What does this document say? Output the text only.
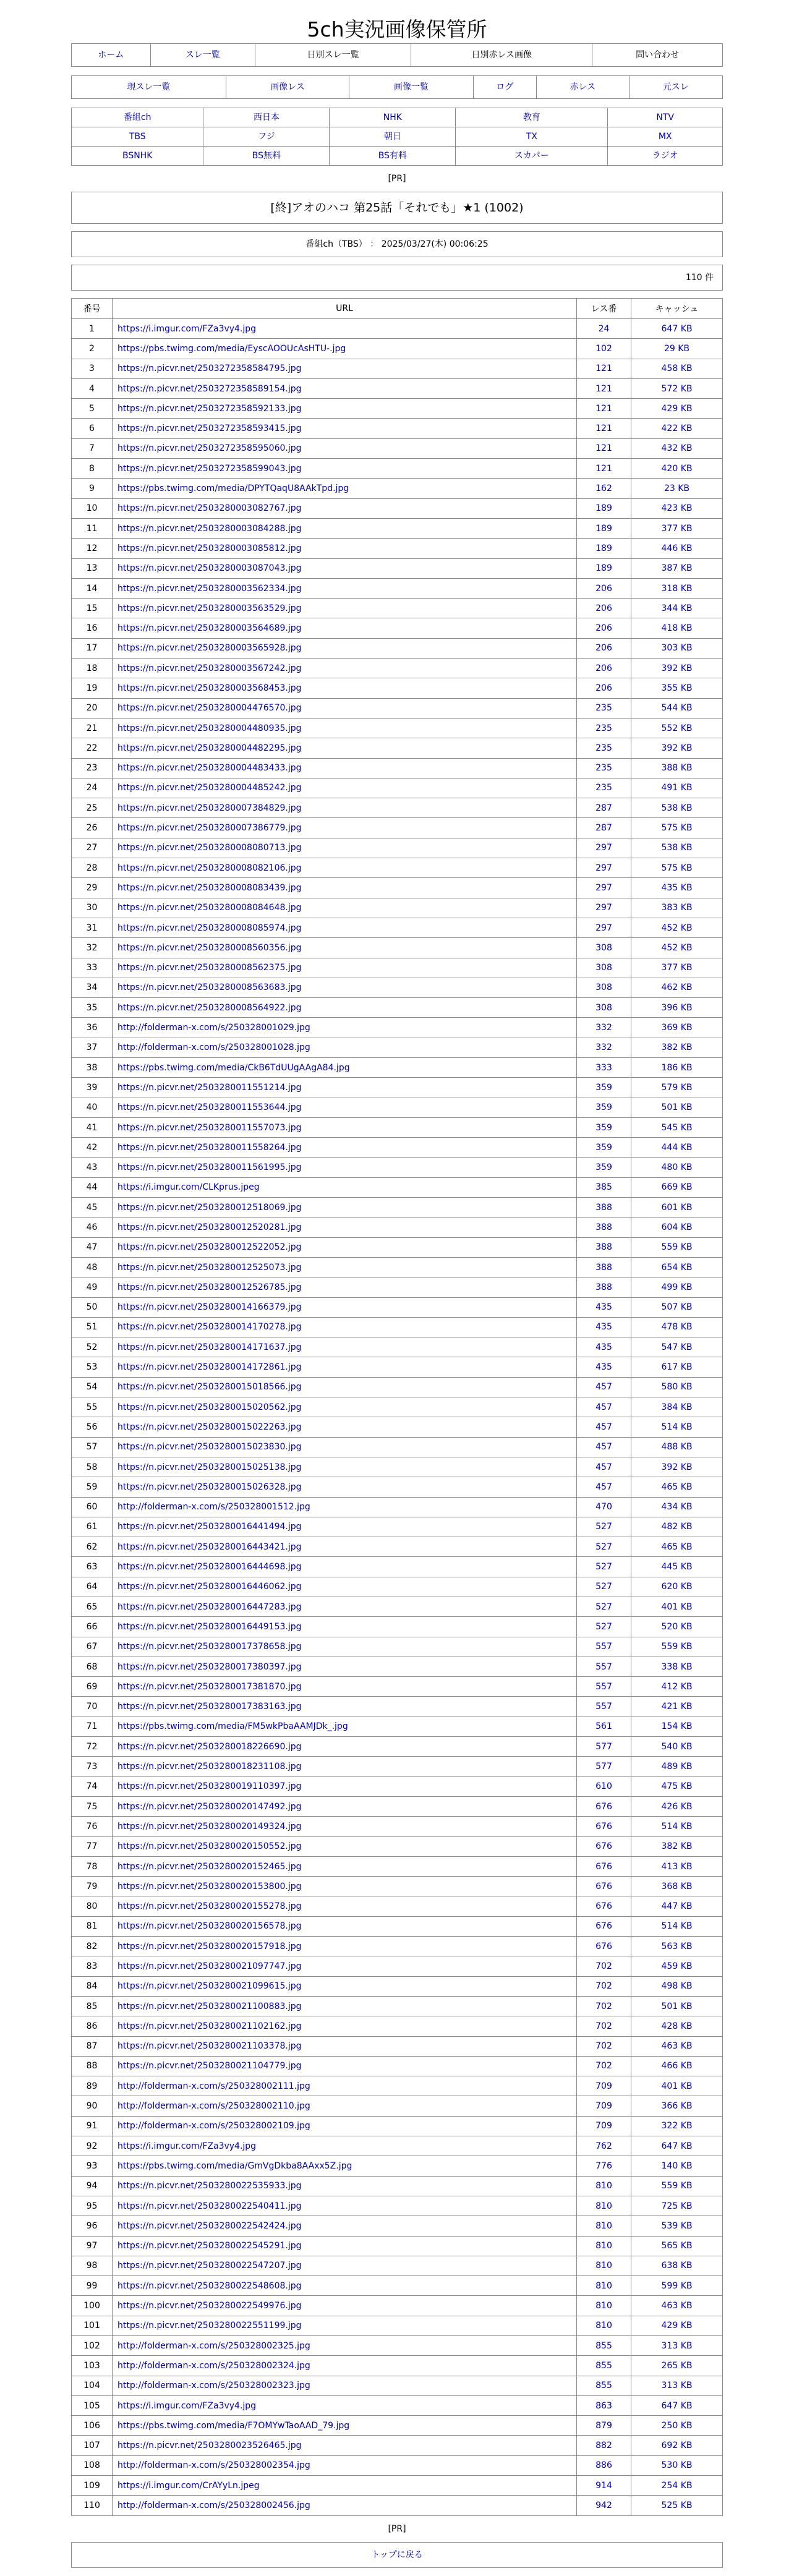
5ch実況画像保管所
ホーム	スレ一覧	日別スレ一覧	日別赤レス画像	問い合わせ
現スレ一覧	画像レス	画像一覧	ログ	赤レス	元スレ
番組ch	西日本	NHK	教育	NTV

TBS	フジ	朝日	TX	MX

BSNHK	BS無料	BS有料	スカパー	ラジオ
[PR]
[終]アオのハコ 第25話「それでも」★1 (1002)
番組ch（TBS） ： 2025/03/27(木) 00:06:25
110 件
番号	URL	レス番	キャッシュ
1	https://i.imgur.com/FZa3vy4.jpg	24	647 KB
2	https://pbs.twimg.com/media/EyscAOOUcAsHTU-.jpg	102	29 KB
3	https://n.picvr.net/2503272358584795.jpg	121	458 KB
4	https://n.picvr.net/2503272358589154.jpg	121	572 KB
5	https://n.picvr.net/2503272358592133.jpg	121	429 KB
6	https://n.picvr.net/2503272358593415.jpg	121	422 KB
7	https://n.picvr.net/2503272358595060.jpg	121	432 KB
8	https://n.picvr.net/2503272358599043.jpg	121	420 KB
9	https://pbs.twimg.com/media/DPYTQaqU8AAkTpd.jpg	162	23 KB
10	https://n.picvr.net/2503280003082767.jpg	189	423 KB
11	https://n.picvr.net/2503280003084288.jpg	189	377 KB
12	https://n.picvr.net/2503280003085812.jpg	189	446 KB
13	https://n.picvr.net/2503280003087043.jpg	189	387 KB
14	https://n.picvr.net/2503280003562334.jpg	206	318 KB
15	https://n.picvr.net/2503280003563529.jpg	206	344 KB
16	https://n.picvr.net/2503280003564689.jpg	206	418 KB
17	https://n.picvr.net/2503280003565928.jpg	206	303 KB
18	https://n.picvr.net/2503280003567242.jpg	206	392 KB
19	https://n.picvr.net/2503280003568453.jpg	206	355 KB
20	https://n.picvr.net/2503280004476570.jpg	235	544 KB
21	https://n.picvr.net/2503280004480935.jpg	235	552 KB
22	https://n.picvr.net/2503280004482295.jpg	235	392 KB
23	https://n.picvr.net/2503280004483433.jpg	235	388 KB
24	https://n.picvr.net/2503280004485242.jpg	235	491 KB
25	https://n.picvr.net/2503280007384829.jpg	287	538 KB
26	https://n.picvr.net/2503280007386779.jpg	287	575 KB
27	https://n.picvr.net/2503280008080713.jpg	297	538 KB
28	https://n.picvr.net/2503280008082106.jpg	297	575 KB
29	https://n.picvr.net/2503280008083439.jpg	297	435 KB
30	https://n.picvr.net/2503280008084648.jpg	297	383 KB
31	https://n.picvr.net/2503280008085974.jpg	297	452 KB
32	https://n.picvr.net/2503280008560356.jpg	308	452 KB
33	https://n.picvr.net/2503280008562375.jpg	308	377 KB
34	https://n.picvr.net/2503280008563683.jpg	308	462 KB
35	https://n.picvr.net/2503280008564922.jpg	308	396 KB
36	http://folderman-x.com/s/250328001029.jpg	332	369 KB
37	http://folderman-x.com/s/250328001028.jpg	332	382 KB
38	https://pbs.twimg.com/media/CkB6TdUUgAAgA84.jpg	333	186 KB
39	https://n.picvr.net/2503280011551214.jpg	359	579 KB
40	https://n.picvr.net/2503280011553644.jpg	359	501 KB
41	https://n.picvr.net/2503280011557073.jpg	359	545 KB
42	https://n.picvr.net/2503280011558264.jpg	359	444 KB
43	https://n.picvr.net/2503280011561995.jpg	359	480 KB
44	https://i.imgur.com/CLKprus.jpeg	385	669 KB
45	https://n.picvr.net/2503280012518069.jpg	388	601 KB
46	https://n.picvr.net/2503280012520281.jpg	388	604 KB
47	https://n.picvr.net/2503280012522052.jpg	388	559 KB
48	https://n.picvr.net/2503280012525073.jpg	388	654 KB
49	https://n.picvr.net/2503280012526785.jpg	388	499 KB
50	https://n.picvr.net/2503280014166379.jpg	435	507 KB
51	https://n.picvr.net/2503280014170278.jpg	435	478 KB
52	https://n.picvr.net/2503280014171637.jpg	435	547 KB
53	https://n.picvr.net/2503280014172861.jpg	435	617 KB
54	https://n.picvr.net/2503280015018566.jpg	457	580 KB
55	https://n.picvr.net/2503280015020562.jpg	457	384 KB
56	https://n.picvr.net/2503280015022263.jpg	457	514 KB
57	https://n.picvr.net/2503280015023830.jpg	457	488 KB
58	https://n.picvr.net/2503280015025138.jpg	457	392 KB
59	https://n.picvr.net/2503280015026328.jpg	457	465 KB
60	http://folderman-x.com/s/250328001512.jpg	470	434 KB
61	https://n.picvr.net/2503280016441494.jpg	527	482 KB
62	https://n.picvr.net/2503280016443421.jpg	527	465 KB
63	https://n.picvr.net/2503280016444698.jpg	527	445 KB
64	https://n.picvr.net/2503280016446062.jpg	527	620 KB
65	https://n.picvr.net/2503280016447283.jpg	527	401 KB
66	https://n.picvr.net/2503280016449153.jpg	527	520 KB
67	https://n.picvr.net/2503280017378658.jpg	557	559 KB
68	https://n.picvr.net/2503280017380397.jpg	557	338 KB
69	https://n.picvr.net/2503280017381870.jpg	557	412 KB
70	https://n.picvr.net/2503280017383163.jpg	557	421 KB
71	https://pbs.twimg.com/media/FM5wkPbaAAMJDk_.jpg	561	154 KB
72	https://n.picvr.net/2503280018226690.jpg	577	540 KB
73	https://n.picvr.net/2503280018231108.jpg	577	489 KB
74	https://n.picvr.net/2503280019110397.jpg	610	475 KB
75	https://n.picvr.net/2503280020147492.jpg	676	426 KB
76	https://n.picvr.net/2503280020149324.jpg	676	514 KB
77	https://n.picvr.net/2503280020150552.jpg	676	382 KB
78	https://n.picvr.net/2503280020152465.jpg	676	413 KB
79	https://n.picvr.net/2503280020153800.jpg	676	368 KB
80	https://n.picvr.net/2503280020155278.jpg	676	447 KB
81	https://n.picvr.net/2503280020156578.jpg	676	514 KB
82	https://n.picvr.net/2503280020157918.jpg	676	563 KB
83	https://n.picvr.net/2503280021097747.jpg	702	459 KB
84	https://n.picvr.net/2503280021099615.jpg	702	498 KB
85	https://n.picvr.net/2503280021100883.jpg	702	501 KB
86	https://n.picvr.net/2503280021102162.jpg	702	428 KB
87	https://n.picvr.net/2503280021103378.jpg	702	463 KB
88	https://n.picvr.net/2503280021104779.jpg	702	466 KB
89	http://folderman-x.com/s/250328002111.jpg	709	401 KB
90	http://folderman-x.com/s/250328002110.jpg	709	366 KB
91	http://folderman-x.com/s/250328002109.jpg	709	322 KB
92	https://i.imgur.com/FZa3vy4.jpg	762	647 KB
93	https://pbs.twimg.com/media/GmVgDkba8AAxx5Z.jpg	776	140 KB
94	https://n.picvr.net/2503280022535933.jpg	810	559 KB
95	https://n.picvr.net/2503280022540411.jpg	810	725 KB
96	https://n.picvr.net/2503280022542424.jpg	810	539 KB
97	https://n.picvr.net/2503280022545291.jpg	810	565 KB
98	https://n.picvr.net/2503280022547207.jpg	810	638 KB
99	https://n.picvr.net/2503280022548608.jpg	810	599 KB
100	https://n.picvr.net/2503280022549976.jpg	810	463 KB
101	https://n.picvr.net/2503280022551199.jpg	810	429 KB
102	http://folderman-x.com/s/250328002325.jpg	855	313 KB
103	http://folderman-x.com/s/250328002324.jpg	855	265 KB
104	http://folderman-x.com/s/250328002323.jpg	855	313 KB
105	https://i.imgur.com/FZa3vy4.jpg	863	647 KB
106	https://pbs.twimg.com/media/F7OMYwTaoAAD_79.jpg	879	250 KB
107	https://n.picvr.net/2503280023526465.jpg	882	692 KB
108	http://folderman-x.com/s/250328002354.jpg	886	530 KB
109	https://i.imgur.com/CrAYyLn.jpeg	914	254 KB
110	http://folderman-x.com/s/250328002456.jpg	942	525 KB
[PR]
トップに戻る
